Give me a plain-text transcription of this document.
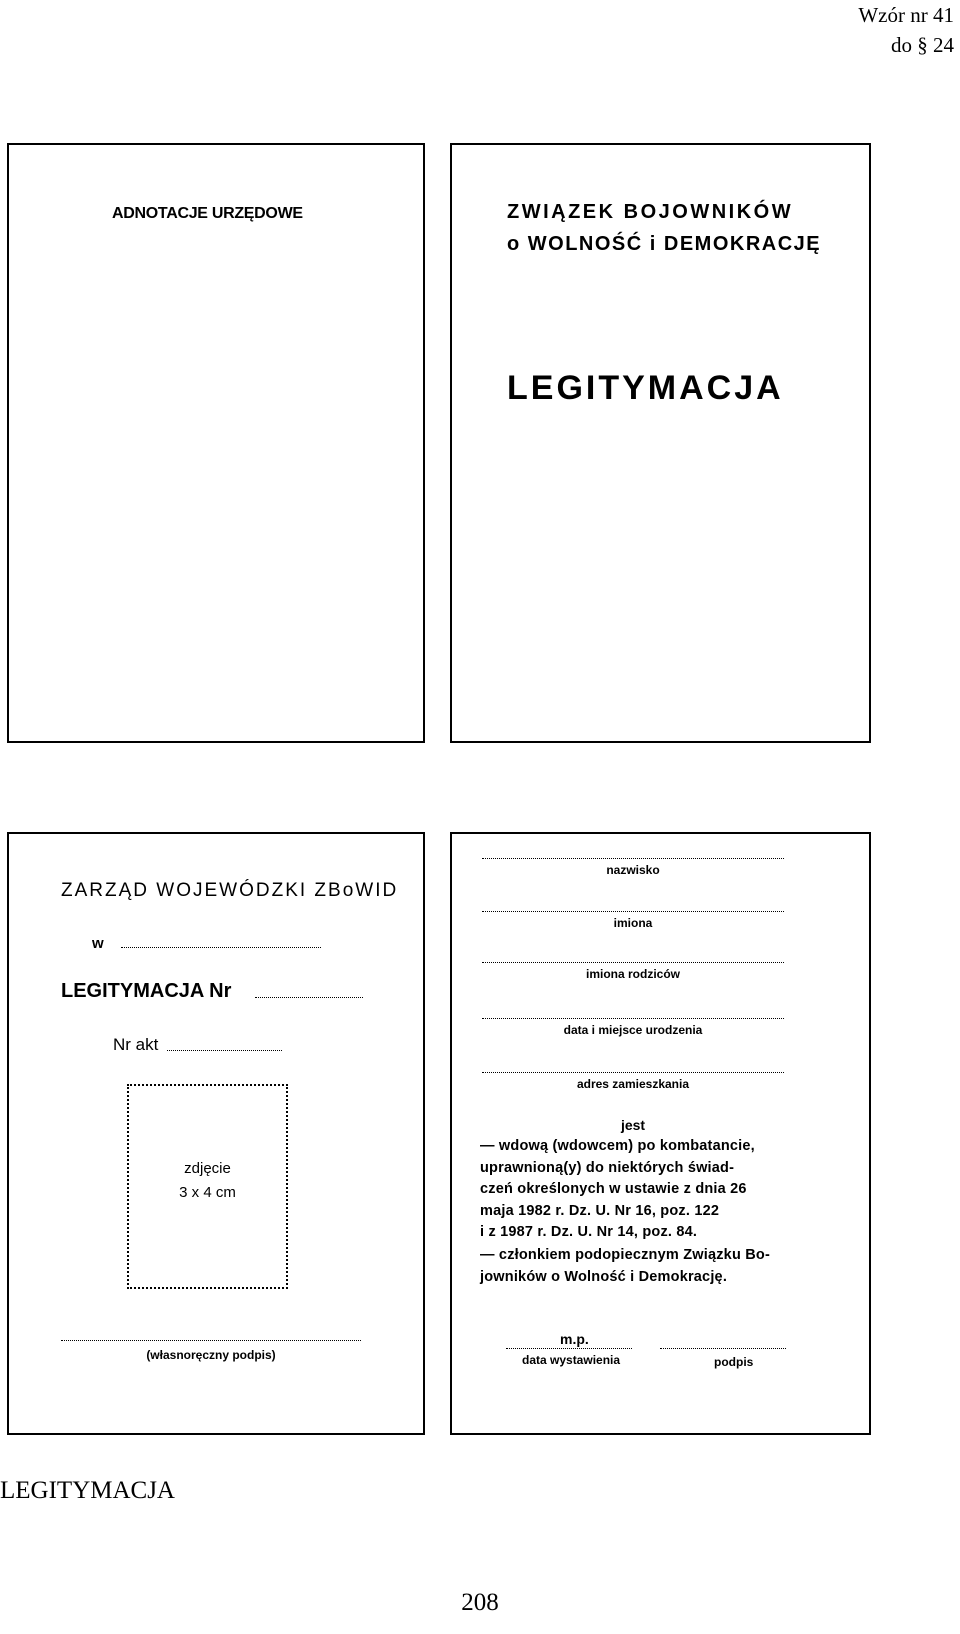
Wzór nr 41
do § 24
ADNOTACJE URZĘDOWE	ZWIĄZEK BOJOWNIKÓW
o WOLNOŚĆ i DEMOKRACJĘ
LEGITYMACJA
ZARZĄD WOJEWÓDZKI ZBoWID
w
LEGITYMACJA Nr
Nr akt
zdjęcie
3 x 4 cm
(własnoręczny podpis)
nazwisko
imiona
imiona rodziców
data i miejsce urodzenia
adres zamieszkania
jest
— wdową (wdowcem) po kombatancie,
uprawnioną(y) do niektórych świad-
czeń określonych w ustawie z dnia 26
maja 1982 r. Dz. U. Nr 16, poz. 122
i z 1987 r. Dz. U. Nr 14, poz. 84.
— członkiem podopiecznym Związku Bo-
jowników o Wolność i Demokrację.
m.p.
data wystawienia	podpis
LEGITYMACJA
208
